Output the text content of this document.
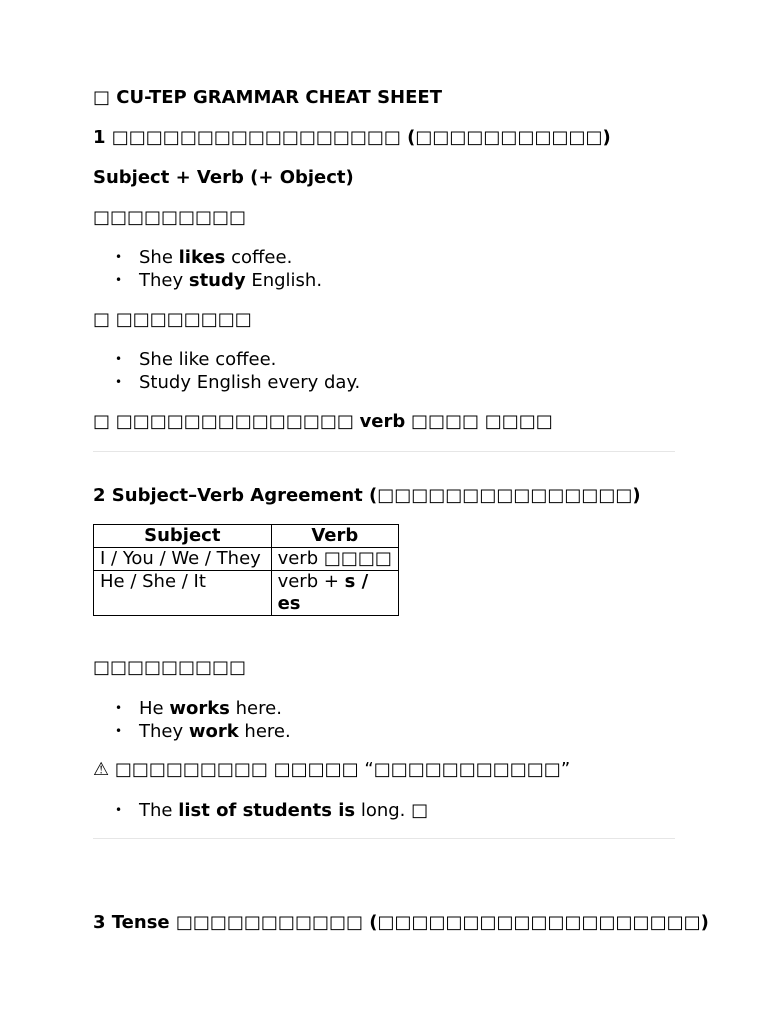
□ CU-TEP GRAMMAR CHEAT SHEET
1 □□□□□□□□□□□□□□□□□ (□□□□□□□□□□□)
Subject + Verb (+ Object)
□□□□□□□□□
• She likes coffee.
• They study English.
□ □□□□□□□□
• She like coffee.
• Study English every day.
□ □□□□□□□□□□□□□□ verb □□□□ □□□□
2 Subject–Verb Agreement (□□□□□□□□□□□□□□□)
Subject	Verb
I / You / We / They	verb □□□□
He / She / It	verb + s / es
□□□□□□□□□
• He works here.
• They work here.
⚠ □□□□□□□□□ □□□□□ “□□□□□□□□□□□”
• The list of students is long. □
3 Tense □□□□□□□□□□□ (□□□□□□□□□□□□□□□□□□□)
